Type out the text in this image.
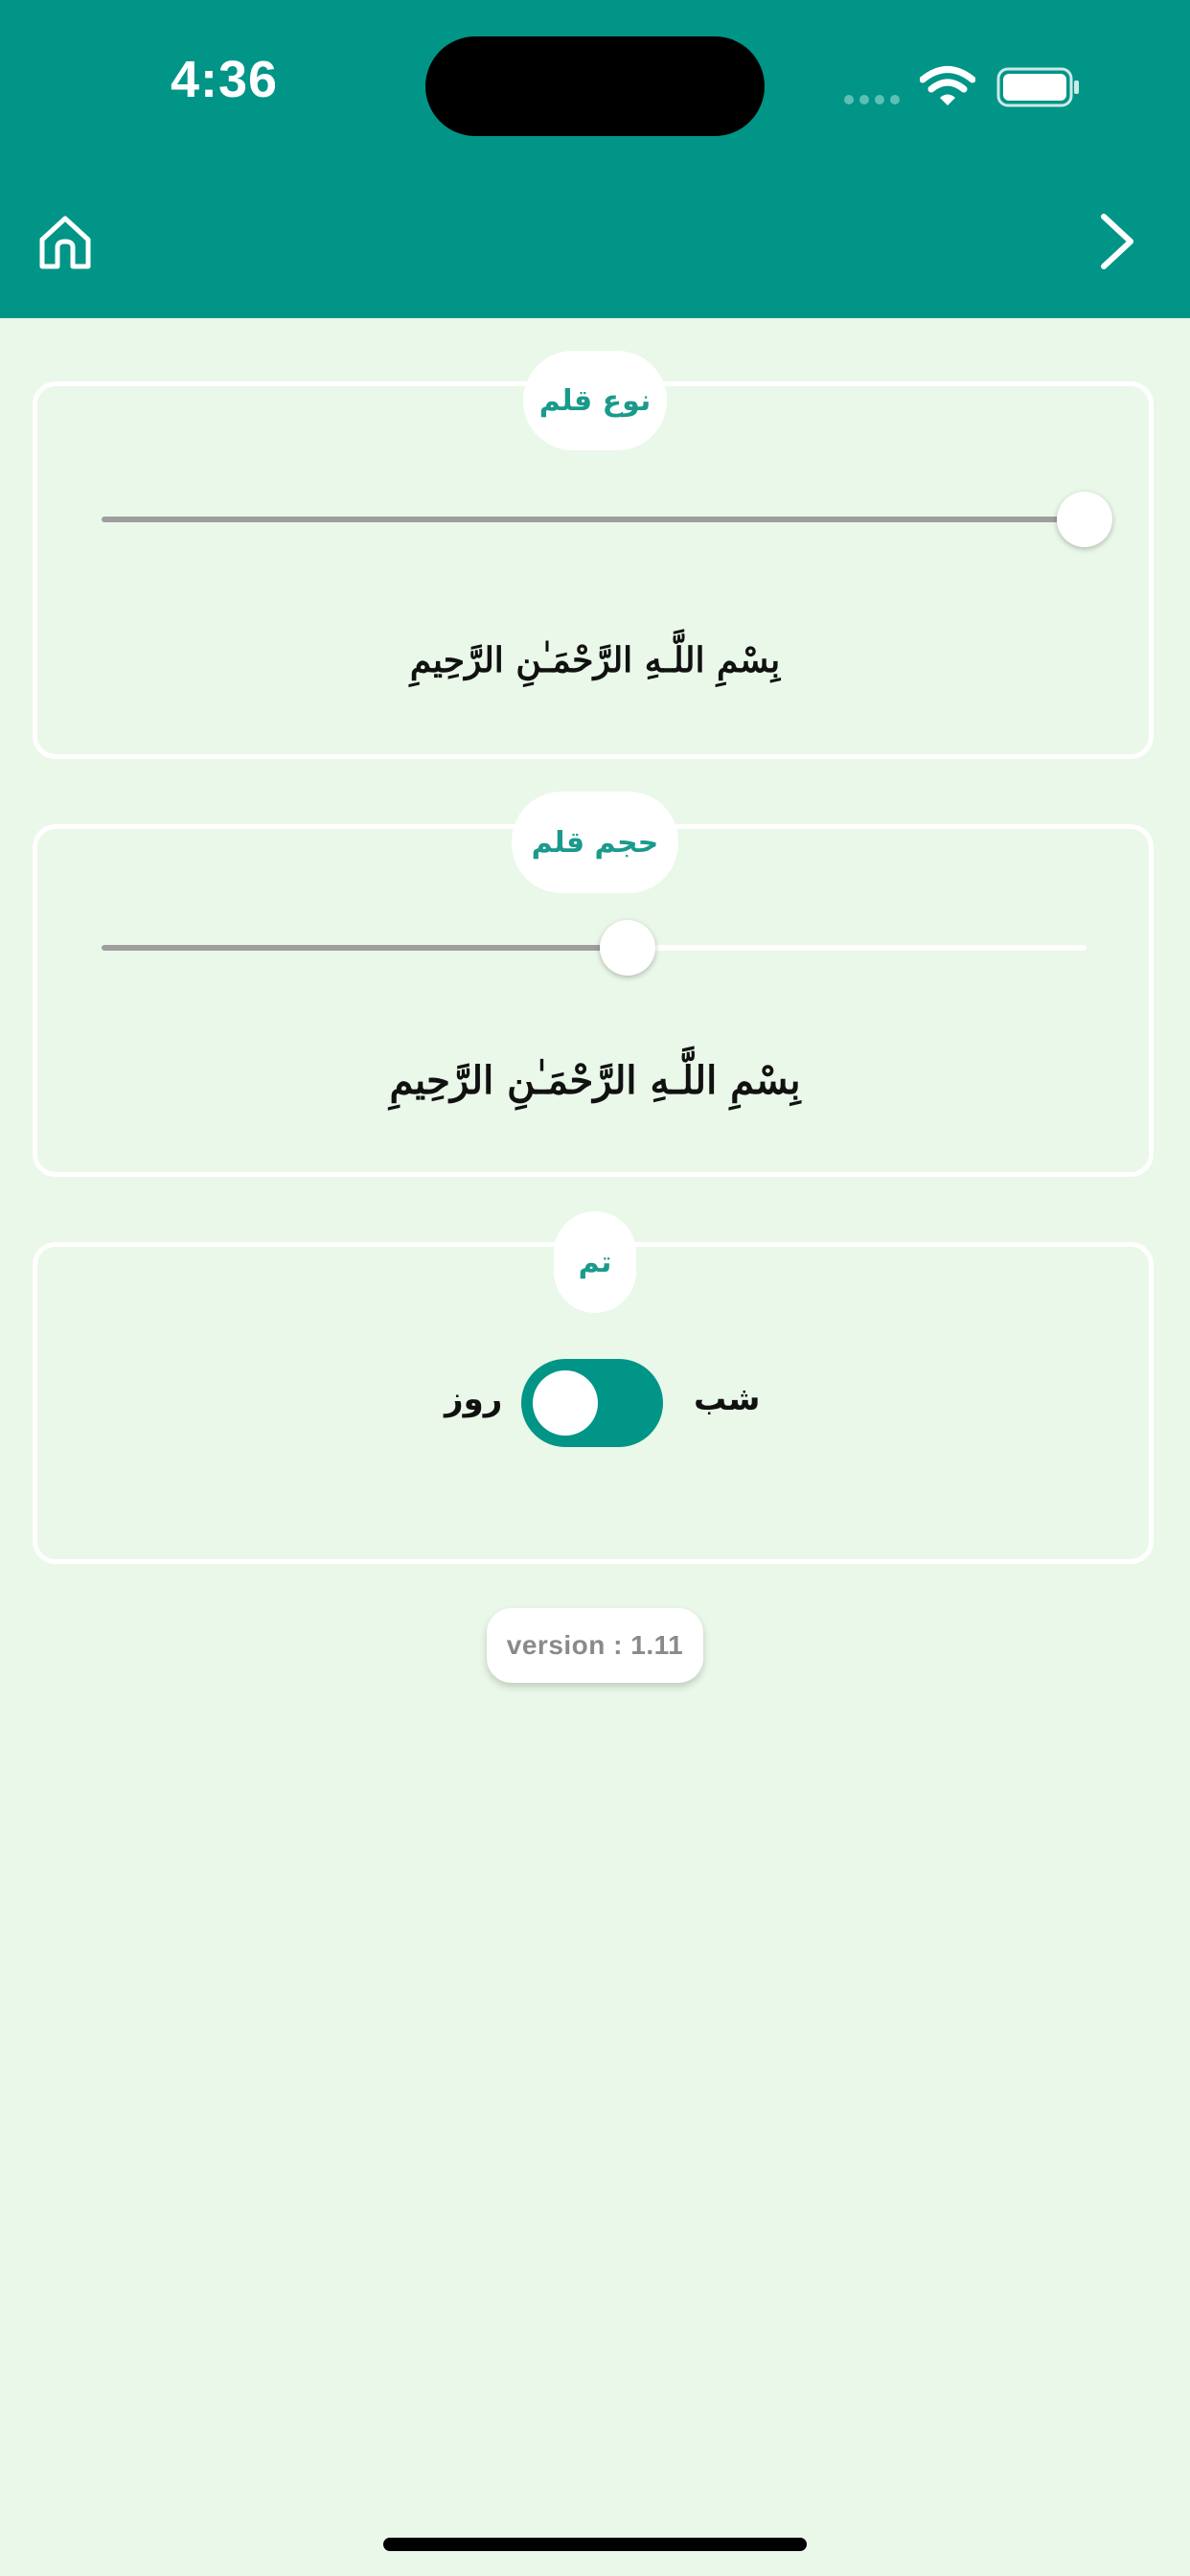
4:36
نوع قلم
بِسْمِ اللَّـهِ الرَّحْمَـٰنِ الرَّحِيمِ
حجم قلم
بِسْمِ اللَّـهِ الرَّحْمَـٰنِ الرَّحِيمِ
تم
شب
روز
version : 1.11
